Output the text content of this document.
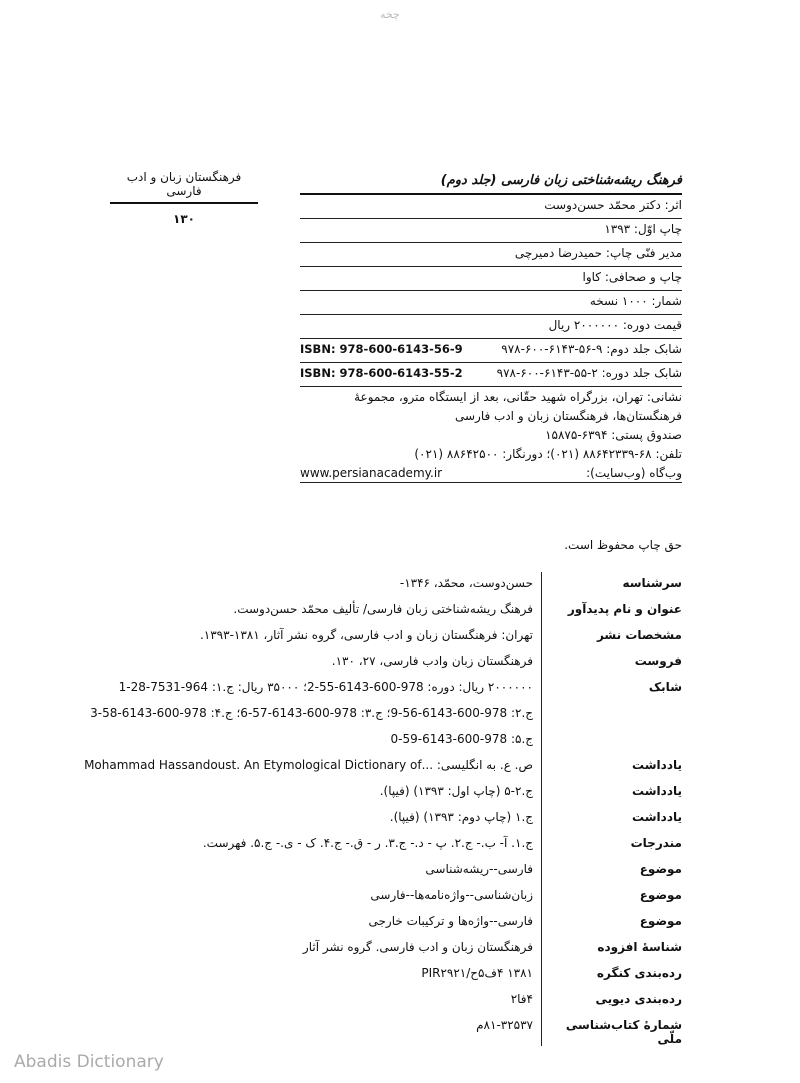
چخه
فرهنگستان زبان و ادب فارسی
۱۳۰
فرهنگ ریشه‌شناختی زبان فارسی (جلد دوم)
اثر: دکتر محمّد حسن‌دوست
چاپ اوّل: ۱۳۹۳
مدیر فنّی چاپ: حمیدرضا دمیرچی
چاپ و صحافی: کاوا
شمار: ۱۰۰۰ نسخه
قیمت دوره: ۲۰۰۰۰۰۰ ریال
شابک جلد دوم: ۹-۵۶-۶۱۴۳-۶۰۰-۹۷۸
ISBN: 978-600-6143-56-9
شابک جلد دوره: ۲-۵۵-۶۱۴۳-۶۰۰-۹۷۸
ISBN: 978-600-6143-55-2
نشانی: تهران، بزرگراه شهید حقّانی، بعد از ایستگاه مترو، مجموعهٔ
فرهنگستان‌ها، فرهنگستان زبان و ادب فارسی
صندوق پستی: ۶۳۹۴-۱۵۸۷۵
تلفن: ۶۸-۸۸۶۴۲۳۳۹ (۰۲۱)؛ دورنگار: ۸۸۶۴۲۵۰۰ (۰۲۱)
وب‌گاه (وب‌سایت):
www.persianacademy.ir
حق چاپ محفوظ است.
سرشناسه
حسن‌دوست، محمّد، ۱۳۴۶-
عنوان و نام پدیدآور
فرهنگ ریشه‌شناختی زبان فارسی/ تألیف محمّد حسن‌دوست.
مشخصات نشر
تهران: فرهنگستان زبان و ادب فارسی، گروه نشر آثار، ۱۳۸۱-۱۳۹۳.
فروست
فرهنگستان زبان وادب فارسی، ۲۷، ۱۳۰.
شابک
۲۰۰۰۰۰۰ ریال: دوره: 978-600-6143-55-2؛ ۳۵۰۰۰ ریال: ج.۱: 964-7531-28-1
ج.۲: 978-600-6143-56-9؛ ج.۳: 978-600-6143-57-6؛ ج.۴: 978-600-6143-58-3
ج.۵: 978-600-6143-59-0
یادداشت
ص. ع. به انگلیسی: ...Mohammad Hassandoust. An Etymological Dictionary of
یادداشت
ج.۲-۵ (چاپ اول: ۱۳۹۳) (فیپا).
یادداشت
ج.۱ (چاپ دوم: ۱۳۹۳) (فیپا).
مندرجات
ج.۱. آ- ب.- ج.۲. پ - د.- ج.۳. ر - ق.- ج.۴. ک - ی.- ج.۵. فهرست.
موضوع
فارسی--ریشه‌شناسی
موضوع
زبان‌شناسی--واژه‌نامه‌ها--فارسی
موضوع
فارسی--واژه‌ها و ترکیبات خارجی
شناسهٔ افزوده
فرهنگستان زبان و ادب فارسی. گروه نشر آثار
رده‌بندی کنگره
۱۳۸۱ ۴ف۵ح/PIR۲۹۲۱
رده‌بندی دیویی
۴فا۲
شمارهٔ کتاب‌شناسی ملّی
۸۱-۳۲۵۳۷م
Abadis Dictionary
